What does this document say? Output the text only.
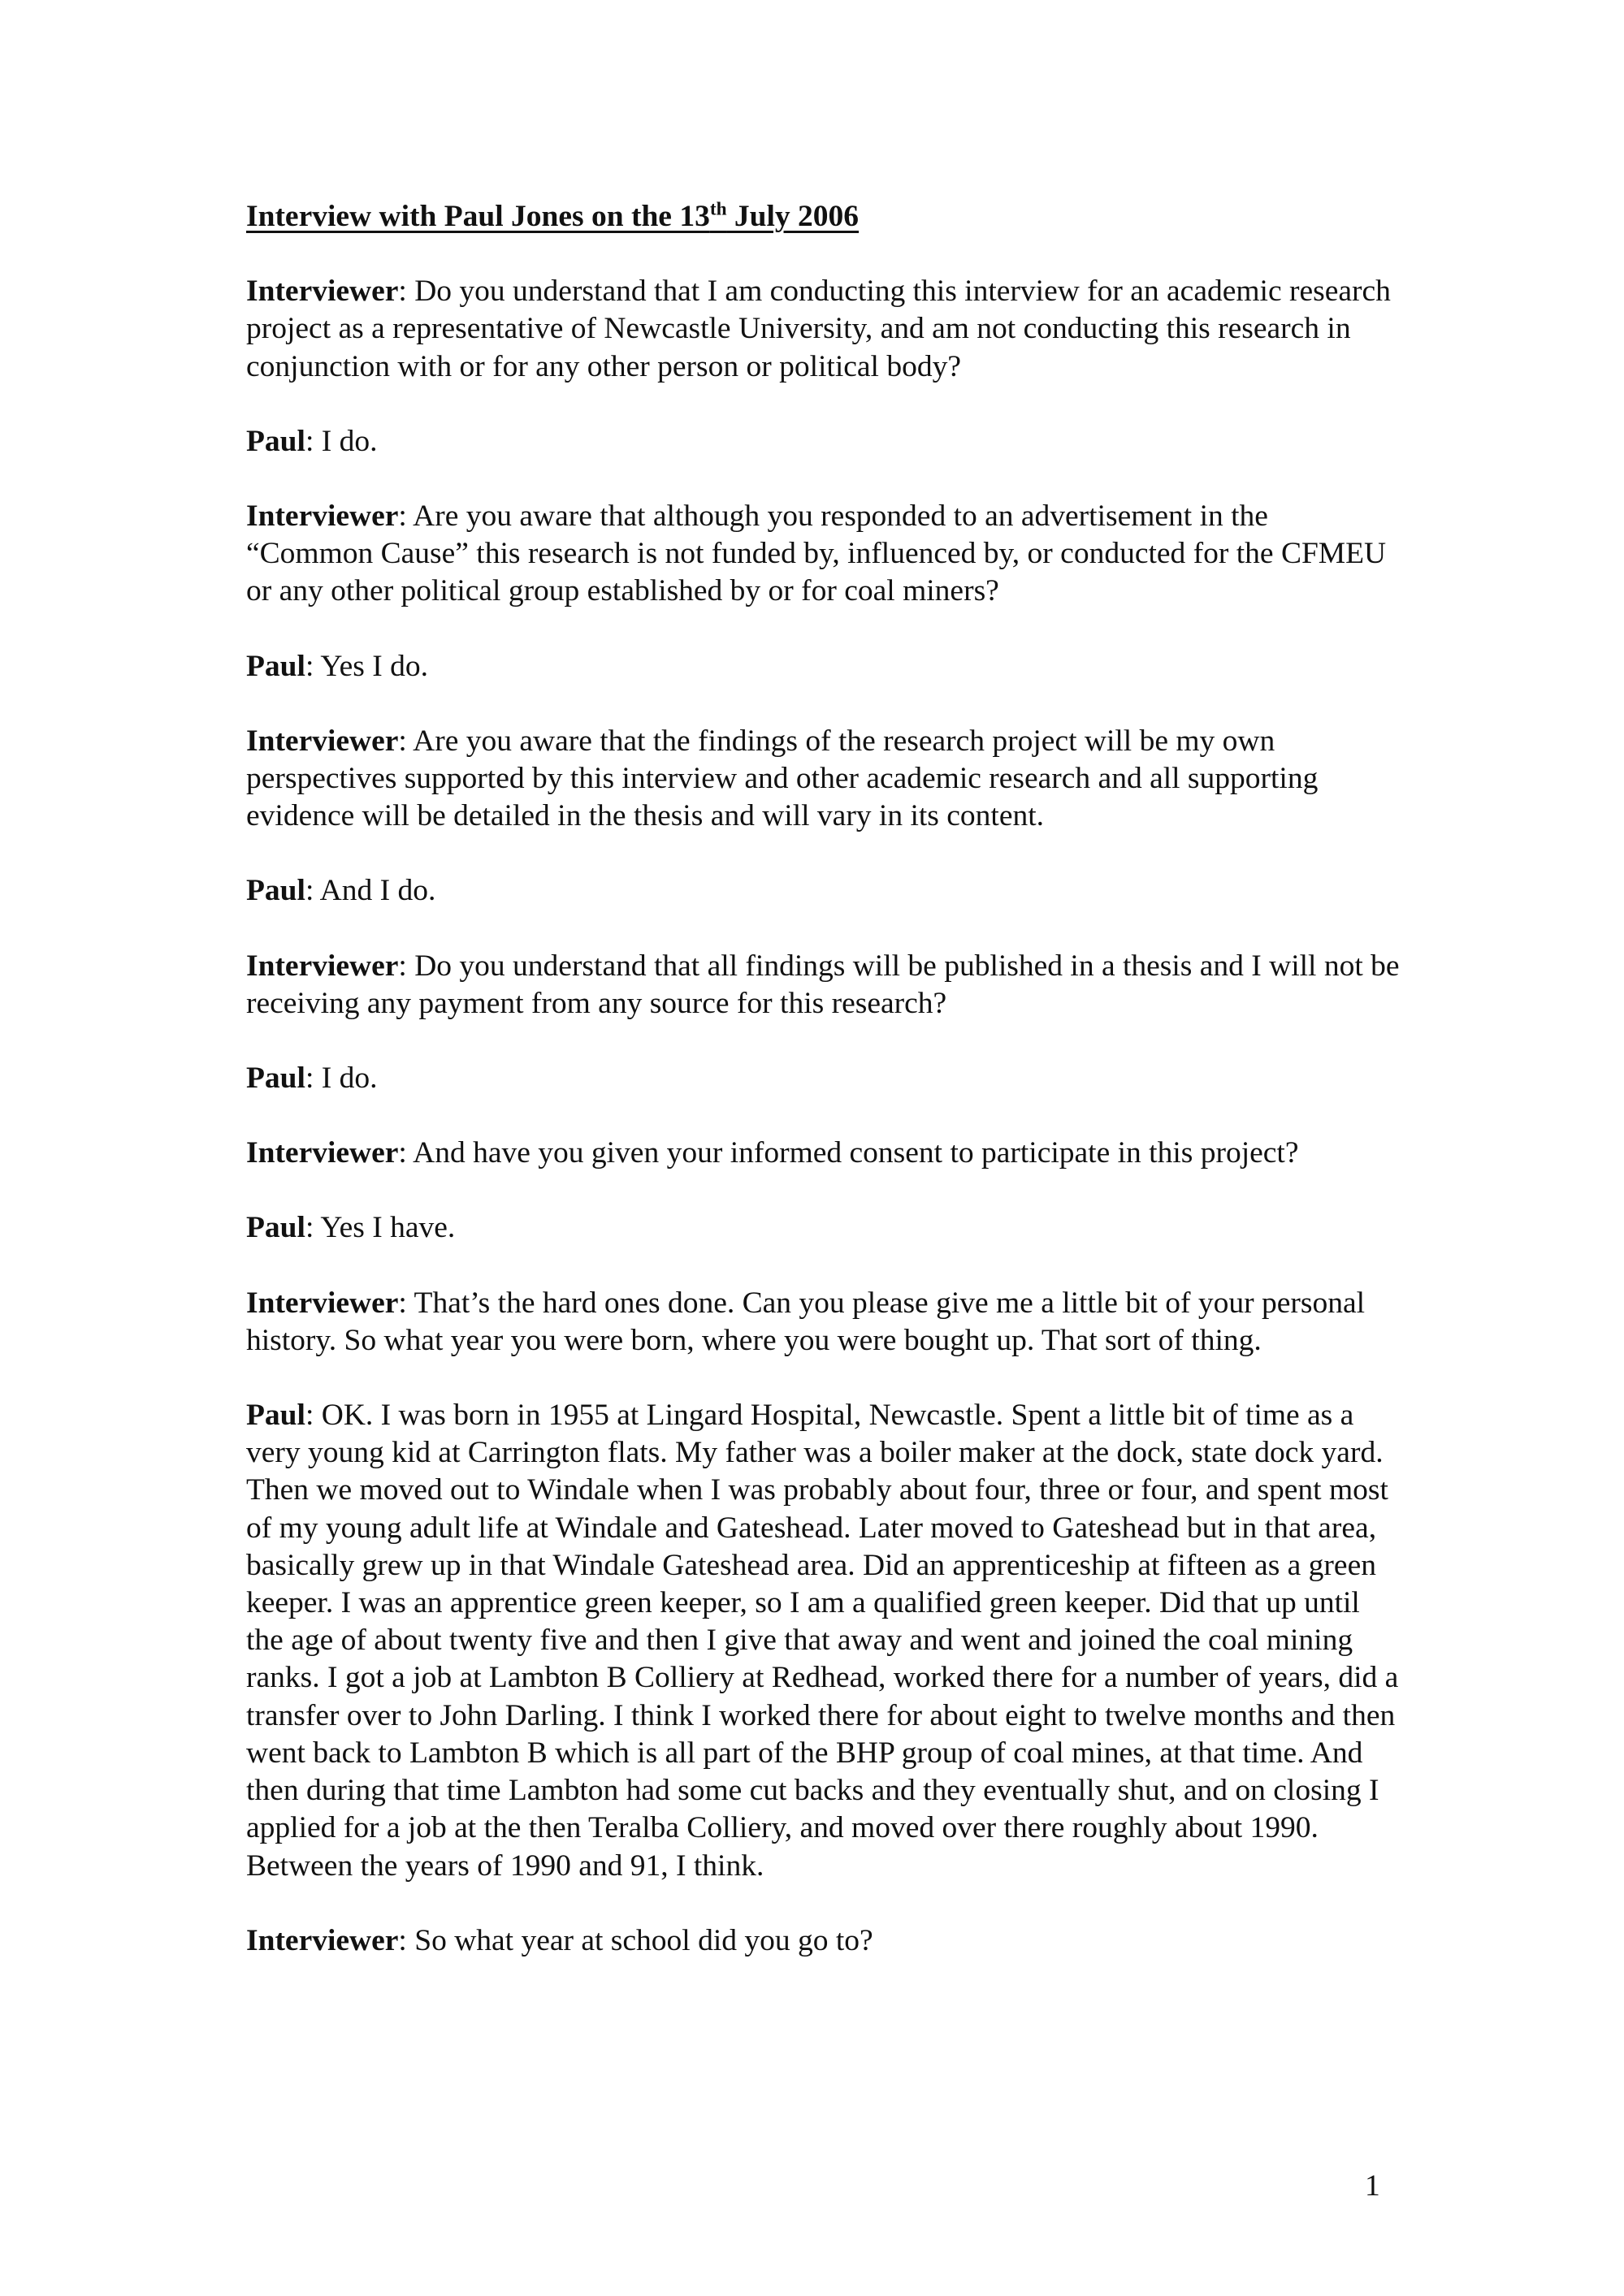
Interview with Paul Jones on the 13th July 2006

Interviewer: Do you understand that I am conducting this interview for an academic research project as a representative of Newcastle University, and am not conducting this research in conjunction with or for any other person or political body?

Paul: I do.

Interviewer: Are you aware that although you responded to an advertisement in the “Common Cause” this research is not funded by, influenced by, or conducted for the CFMEU or any other political group established by or for coal miners?

Paul: Yes I do.

Interviewer: Are you aware that the findings of the research project will be my own perspectives supported by this interview and other academic research and all supporting evidence will be detailed in the thesis and will vary in its content.

Paul: And I do.

Interviewer: Do you understand that all findings will be published in a thesis and I will not be receiving any payment from any source for this research?

Paul: I do.

Interviewer: And have you given your informed consent to participate in this project?

Paul: Yes I have.

Interviewer: That’s the hard ones done. Can you please give me a little bit of your personal history. So what year you were born, where you were bought up. That sort of thing.

Paul: OK. I was born in 1955 at Lingard Hospital, Newcastle. Spent a little bit of time as a very young kid at Carrington flats. My father was a boiler maker at the dock, state dock yard. Then we moved out to Windale when I was probably about four, three or four, and spent most of my young adult life at Windale and Gateshead. Later moved to Gateshead but in that area, basically grew up in that Windale Gateshead area. Did an apprenticeship at fifteen as a green keeper. I was an apprentice green keeper, so I am a qualified green keeper. Did that up until the age of about twenty five and then I give that away and went and joined the coal mining ranks. I got a job at Lambton B Colliery at Redhead, worked there for a number of years, did a transfer over to John Darling. I think I worked there for about eight to twelve months and then went back to Lambton B which is all part of the BHP group of coal mines, at that time. And then during that time Lambton had some cut backs and they eventually shut, and on closing I applied for a job at the then Teralba Colliery, and moved over there roughly about 1990. Between the years of 1990 and 91, I think.

Interviewer: So what year at school did you go to?

1
